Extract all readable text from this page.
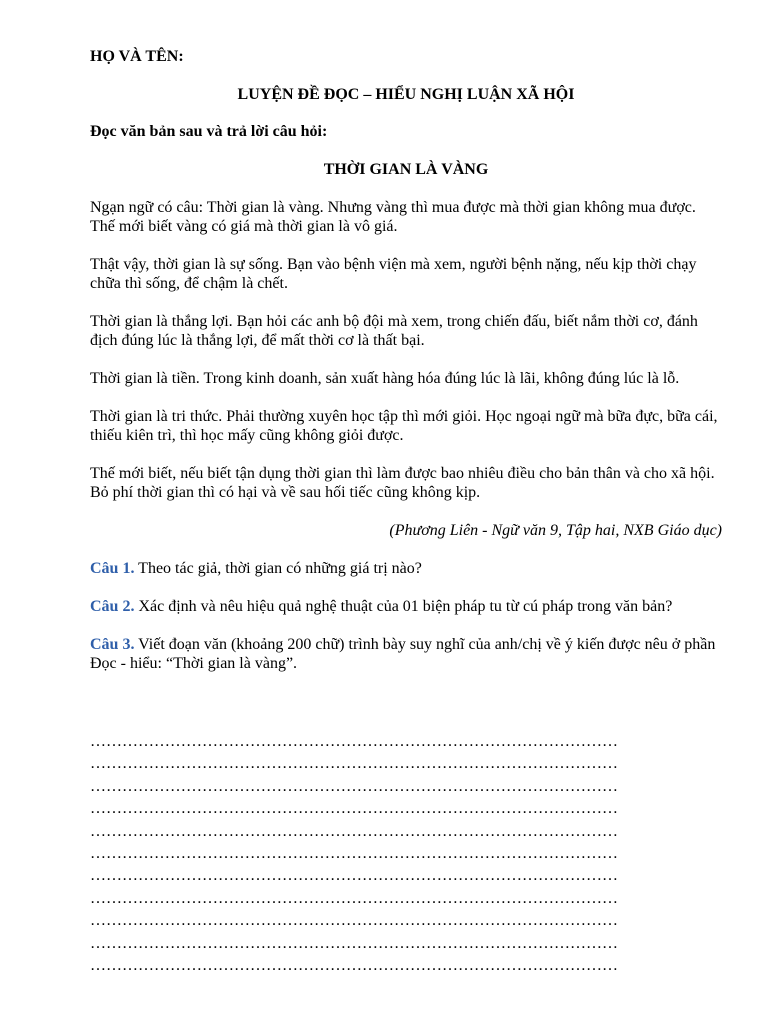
HỌ VÀ TÊN:

LUYỆN ĐỀ ĐỌC – HIỂU NGHỊ LUẬN XÃ HỘI

Đọc văn bản sau và trả lời câu hỏi:

THỜI GIAN LÀ VÀNG

Ngạn ngữ có câu: Thời gian là vàng. Nhưng vàng thì mua được mà thời gian không mua được. Thế mới biết vàng có giá mà thời gian là vô giá.

Thật vậy, thời gian là sự sống. Bạn vào bệnh viện mà xem, người bệnh nặng, nếu kịp thời chạy chữa thì sống, để chậm là chết.

Thời gian là thắng lợi. Bạn hỏi các anh bộ đội mà xem, trong chiến đấu, biết nắm thời cơ, đánh địch đúng lúc là thắng lợi, để mất thời cơ là thất bại.

Thời gian là tiền. Trong kinh doanh, sản xuất hàng hóa đúng lúc là lãi, không đúng lúc là lỗ.

Thời gian là tri thức. Phải thường xuyên học tập thì mới giỏi. Học ngoại ngữ mà bữa đực, bữa cái, thiếu kiên trì, thì học mấy cũng không giỏi được.

Thế mới biết, nếu biết tận dụng thời gian thì làm được bao nhiêu điều cho bản thân và cho xã hội. Bỏ phí thời gian thì có hại và về sau hối tiếc cũng không kịp.

(Phương Liên - Ngữ văn 9, Tập hai, NXB Giáo dục)

Câu 1. Theo tác giả, thời gian có những giá trị nào?

Câu 2. Xác định và nêu hiệu quả nghệ thuật của 01 biện pháp tu từ cú pháp trong văn bản?

Câu 3. Viết đoạn văn (khoảng 200 chữ) trình bày suy nghĩ của anh/chị về ý kiến được nêu ở phần Đọc - hiểu: “Thời gian là vàng”.

………………………………………………………………………………………
………………………………………………………………………………………
………………………………………………………………………………………
………………………………………………………………………………………
………………………………………………………………………………………
………………………………………………………………………………………
………………………………………………………………………………………
………………………………………………………………………………………
………………………………………………………………………………………
………………………………………………………………………………………
………………………………………………………………………………………
